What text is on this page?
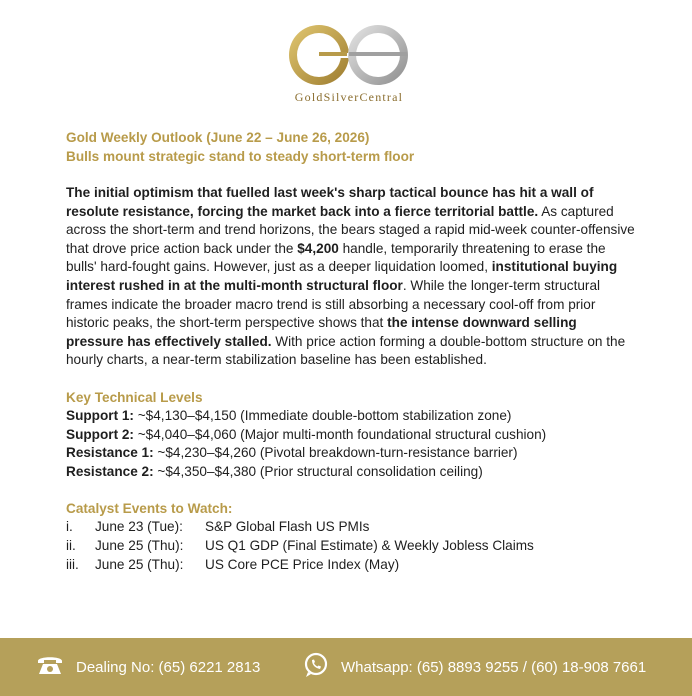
GoldSilverCentral
Gold Weekly Outlook (June 22 – June 26, 2026)
Bulls mount strategic stand to steady short-term floor
The initial optimism that fuelled last week's sharp tactical bounce has hit a wall of resolute resistance, forcing the market back into a fierce territorial battle. As captured across the short-term and trend horizons, the bears staged a rapid mid-week counter-offensive that drove price action back under the $4,200 handle, temporarily threatening to erase the bulls' hard-fought gains. However, just as a deeper liquidation loomed, institutional buying interest rushed in at the multi-month structural floor. While the longer-term structural frames indicate the broader macro trend is still absorbing a necessary cool-off from prior historic peaks, the short-term perspective shows that the intense downward selling pressure has effectively stalled. With price action forming a double-bottom structure on the hourly charts, a near-term stabilization baseline has been established.
Key Technical Levels
Support 1: ~$4,130–$4,150 (Immediate double-bottom stabilization zone)
Support 2: ~$4,040–$4,060 (Major multi-month foundational structural cushion)
Resistance 1: ~$4,230–$4,260 (Pivotal breakdown-turn-resistance barrier)
Resistance 2: ~$4,350–$4,380 (Prior structural consolidation ceiling)
Catalyst Events to Watch:
i.	June 23 (Tue):	S&P Global Flash US PMIs
ii.	June 25 (Thu):	US Q1 GDP (Final Estimate) & Weekly Jobless Claims
iii.	June 25 (Thu):	US Core PCE Price Index (May)
Dealing No: (65) 6221 2813	Whatsapp: (65) 8893 9255 / (60) 18-908 7661
